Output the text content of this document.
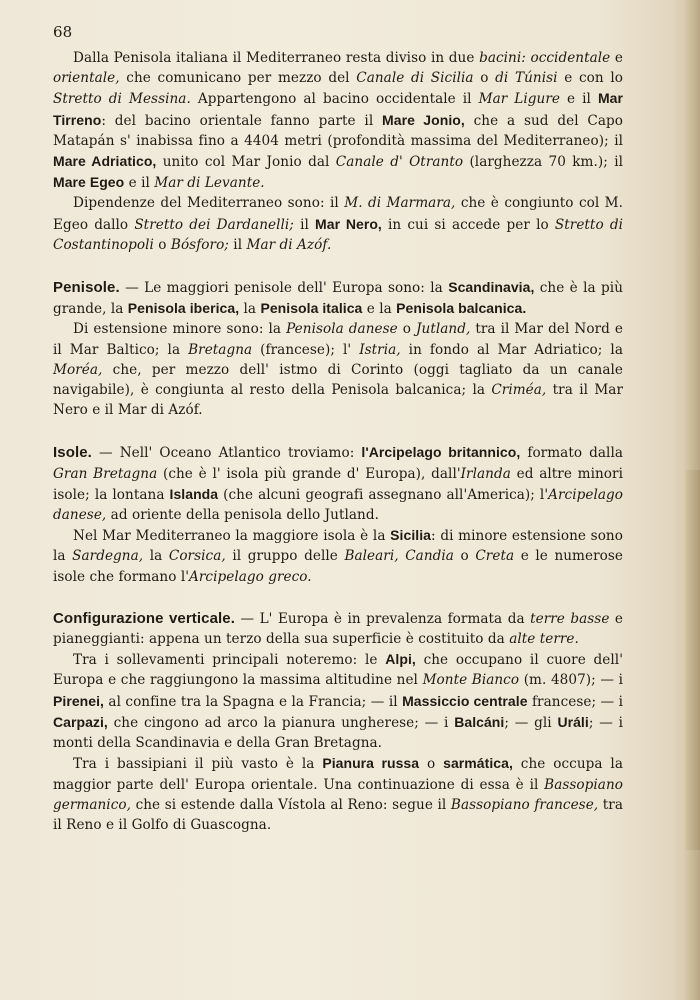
68

Dalla Penisola italiana il Mediterraneo resta diviso in due bacini: occidentale e orientale, che comunicano per mezzo del Canale di Sicilia o di Túnisi e con lo Stretto di Messina. Appartengono al bacino occidentale il Mar Ligure e il Mar Tirreno: del bacino orientale fanno parte il Mare Jonio, che a sud del Capo Matapán s' inabissa fino a 4404 metri (profondità massima del Mediterraneo); il Mare Adriatico, unito col Mar Jonio dal Canale d' Otranto (larghezza 70 km.); il Mare Egeo e il Mar di Levante.

Dipendenze del Mediterraneo sono: il M. di Marmara, che è congiunto col M. Egeo dallo Stretto dei Dardanelli; il Mar Nero, in cui si accede per lo Stretto di Costantinopoli o Bósforo; il Mar di Azóf.

Penisole. — Le maggiori penisole dell' Europa sono: la Scandinavia, che è la più grande, la Penisola iberica, la Penisola italica e la Penisola balcanica.

Di estensione minore sono: la Penisola danese o Jutland, tra il Mar del Nord e il Mar Baltico; la Bretagna (francese); l' Istria, in fondo al Mar Adriatico; la Moréa, che, per mezzo dell' istmo di Corinto (oggi tagliato da un canale navigabile), è congiunta al resto della Penisola balcanica; la Criméa, tra il Mar Nero e il Mar di Azóf.

Isole. — Nell' Oceano Atlantico troviamo: l'Arcipelago britannico, formato dalla Gran Bretagna (che è l' isola più grande d' Europa), dall'Irlanda ed altre minori isole; la lontana Islanda (che alcuni geografi assegnano all'America); l'Arcipelago danese, ad oriente della penisola dello Jutland.

Nel Mar Mediterraneo la maggiore isola è la Sicilia: di minore estensione sono la Sardegna, la Corsica, il gruppo delle Baleari, Candia o Creta e le numerose isole che formano l'Arcipelago greco.

Configurazione verticale. — L' Europa è in prevalenza formata da terre basse e pianeggianti: appena un terzo della sua superficie è costituito da alte terre.

Tra i sollevamenti principali noteremo: le Alpi, che occupano il cuore dell' Europa e che raggiungono la massima altitudine nel Monte Bianco (m. 4807); — i Pirenei, al confine tra la Spagna e la Francia; — il Massiccio centrale francese; — i Carpazi, che cingono ad arco la pianura ungherese; — i Balcáni; — gli Uráli; — i monti della Scandinavia e della Gran Bretagna.

Tra i bassipiani il più vasto è la Pianura russa o sarmática, che occupa la maggior parte dell' Europa orientale. Una continuazione di essa è il Bassopiano germanico, che si estende dalla Vístola al Reno: segue il Bassopiano francese, tra il Reno e il Golfo di Guascogna.
